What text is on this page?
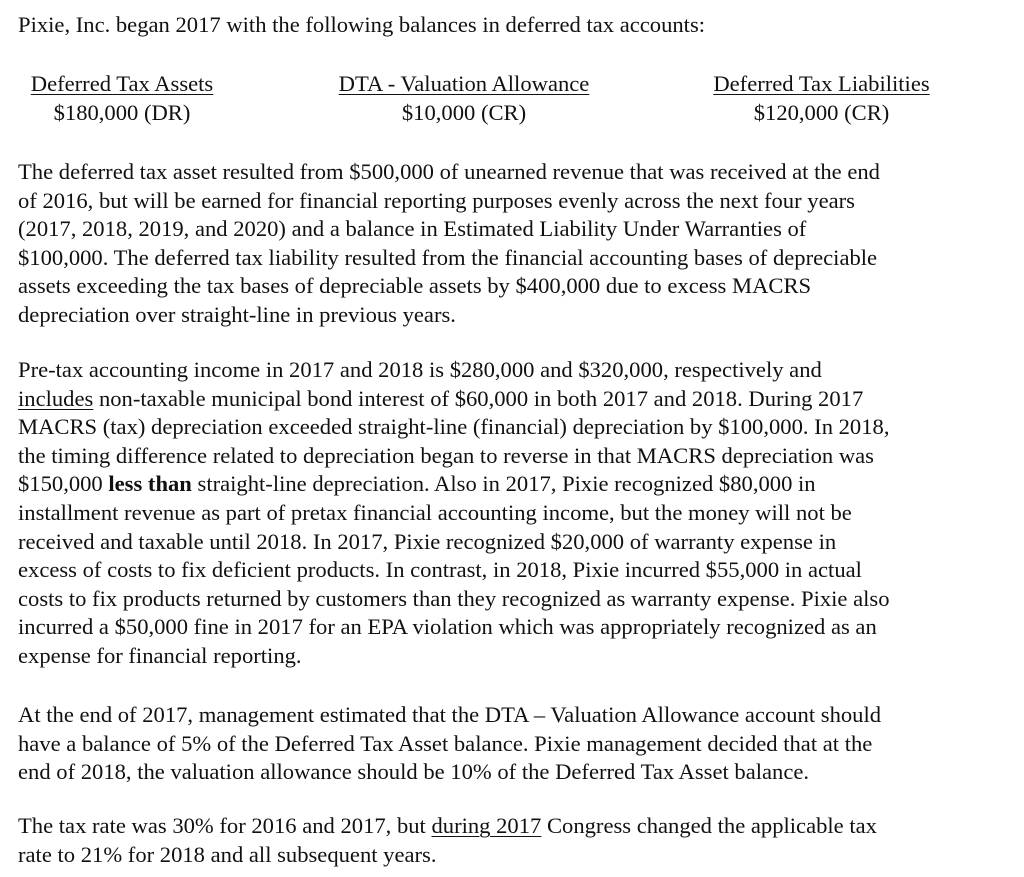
Pixie, Inc. began 2017 with the following balances in deferred tax accounts:
Deferred Tax Assets
$180,000 (DR)
DTA - Valuation Allowance
$10,000 (CR)
Deferred Tax Liabilities
$120,000 (CR)

The deferred tax asset resulted from $500,000 of unearned revenue that was received at the end
of 2016, but will be earned for financial reporting purposes evenly across the next four years
(2017, 2018, 2019, and 2020) and a balance in Estimated Liability Under Warranties of
$100,000. The deferred tax liability resulted from the financial accounting bases of depreciable
assets exceeding the tax bases of depreciable assets by $400,000 due to excess MACRS
depreciation over straight-line in previous years.

Pre-tax accounting income in 2017 and 2018 is $280,000 and $320,000, respectively and
includes non-taxable municipal bond interest of $60,000 in both 2017 and 2018. During 2017
MACRS (tax) depreciation exceeded straight-line (financial) depreciation by $100,000. In 2018,
the timing difference related to depreciation began to reverse in that MACRS depreciation was
$150,000 less than straight-line depreciation. Also in 2017, Pixie recognized $80,000 in
installment revenue as part of pretax financial accounting income, but the money will not be
received and taxable until 2018. In 2017, Pixie recognized $20,000 of warranty expense in
excess of costs to fix deficient products. In contrast, in 2018, Pixie incurred $55,000 in actual
costs to fix products returned by customers than they recognized as warranty expense. Pixie also
incurred a $50,000 fine in 2017 for an EPA violation which was appropriately recognized as an
expense for financial reporting.

At the end of 2017, management estimated that the DTA – Valuation Allowance account should
have a balance of 5% of the Deferred Tax Asset balance. Pixie management decided that at the
end of 2018, the valuation allowance should be 10% of the Deferred Tax Asset balance.

The tax rate was 30% for 2016 and 2017, but during 2017 Congress changed the applicable tax
rate to 21% for 2018 and all subsequent years.
